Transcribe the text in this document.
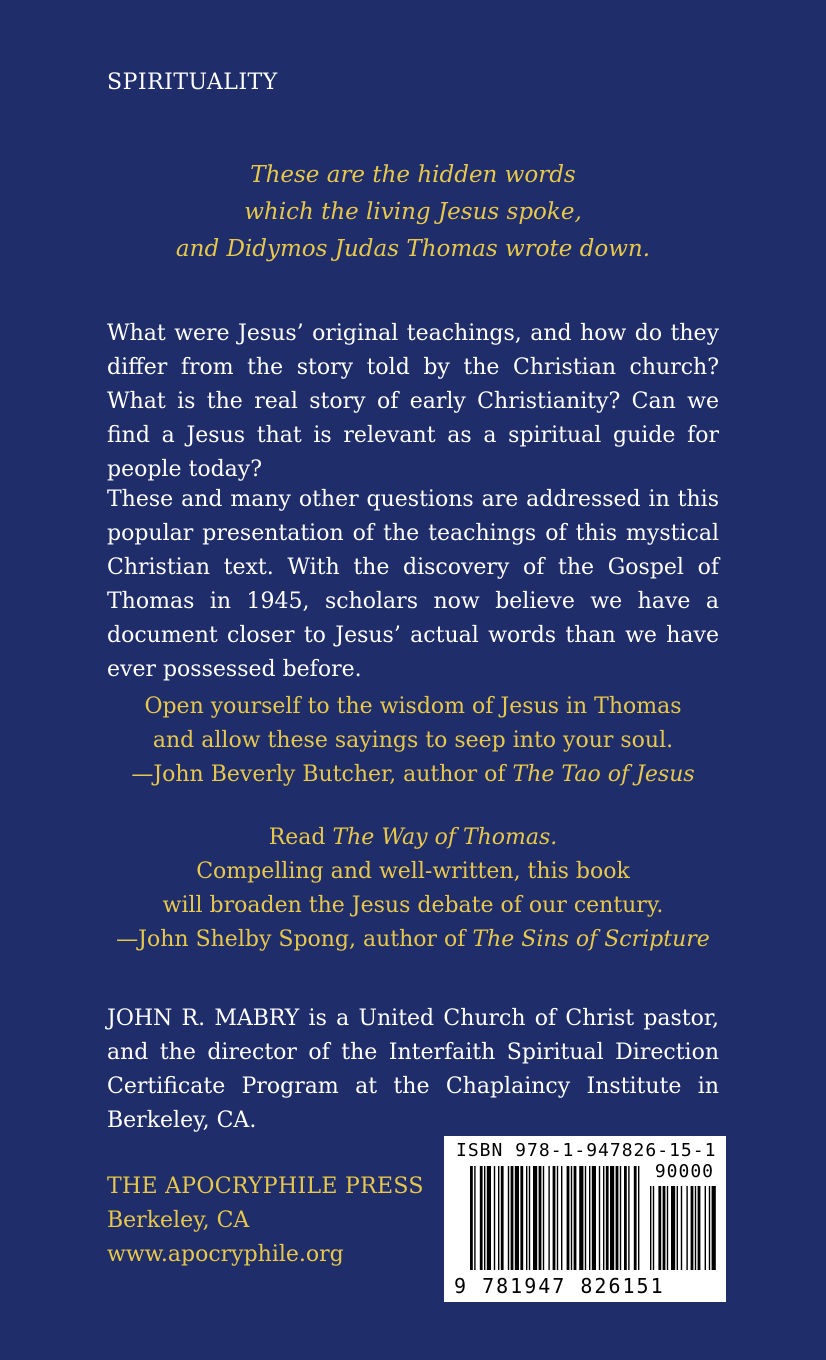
SPIRITUALITY
These are the hidden words
which the living Jesus spoke,
and Didymos Judas Thomas wrote down.
What were Jesus’ original teachings, and how do they differ from the story told by the Christian church? What is the real story of early Christianity? Can we find a Jesus that is relevant as a spiritual guide for people today?
These and many other questions are addressed in this popular presentation of the teachings of this mystical Christian text. With the discovery of the Gospel of Thomas in 1945, scholars now believe we have a document closer to Jesus’ actual words than we have ever possessed before.
Open yourself to the wisdom of Jesus in Thomas
and allow these sayings to seep into your soul.
—John Beverly Butcher, author of The Tao of Jesus
Read The Way of Thomas.
Compelling and well-written, this book
will broaden the Jesus debate of our century.
—John Shelby Spong, author of The Sins of Scripture
JOHN R. MABRY is a United Church of Christ pastor, and the director of the Interfaith Spiritual Direction Certificate Program at the Chaplaincy Institute in Berkeley, CA.
THE APOCRYPHILE PRESS
Berkeley, CA
www.apocryphile.org
ISBN 978-1-947826-15-1
90000
9 781947 826151
